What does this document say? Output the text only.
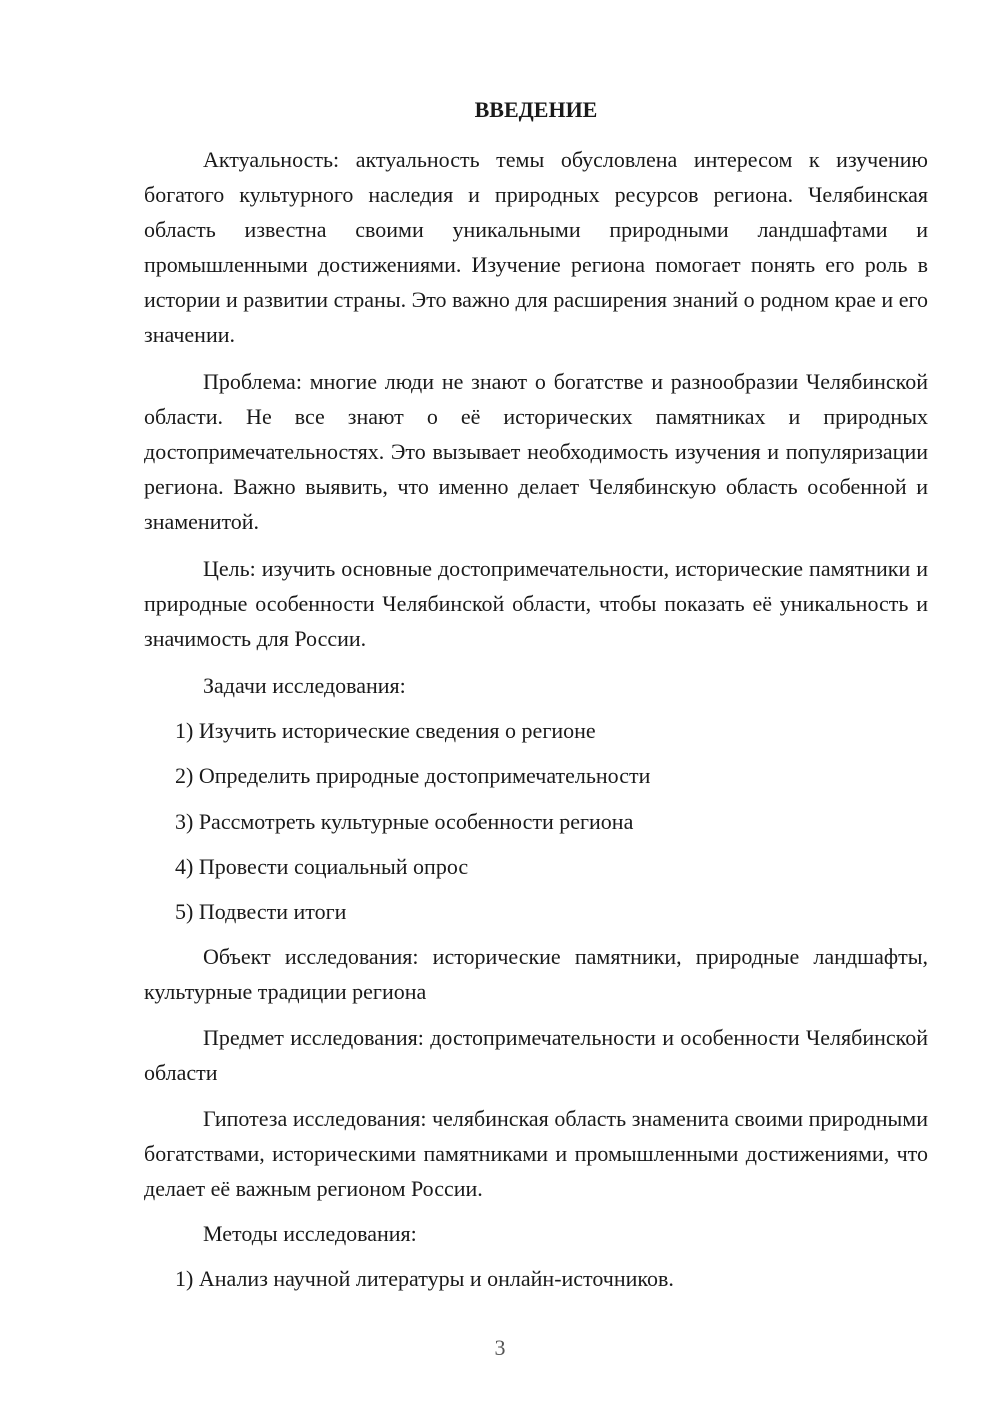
ВВЕДЕНИЕ

Актуальность: актуальность темы обусловлена интересом к изучению богатого культурного наследия и природных ресурсов региона. Челябинская область известна своими уникальными природными ландшафтами и промышленными достижениями. Изучение региона помогает понять его роль в истории и развитии страны. Это важно для расширения знаний о родном крае и его значении.

Проблема: многие люди не знают о богатстве и разнообразии Челябинской области. Не все знают о её исторических памятниках и природных достопримечательностях. Это вызывает необходимость изучения и популяризации региона. Важно выявить, что именно делает Челябинскую область особенной и знаменитой.

Цель: изучить основные достопримечательности, исторические памятники и природные особенности Челябинской области, чтобы показать её уникальность и значимость для России.

Задачи исследования:

1) Изучить исторические сведения о регионе

2) Определить природные достопримечательности

3) Рассмотреть культурные особенности региона

4) Провести социальный опрос

5) Подвести итоги

Объект исследования: исторические памятники, природные ландшафты, культурные традиции региона

Предмет исследования: достопримечательности и особенности Челябинской области

Гипотеза исследования: челябинская область знаменита своими природными богатствами, историческими памятниками и промышленными достижениями, что делает её важным регионом России.

Методы исследования:

1) Анализ научной литературы и онлайн-источников.

3
